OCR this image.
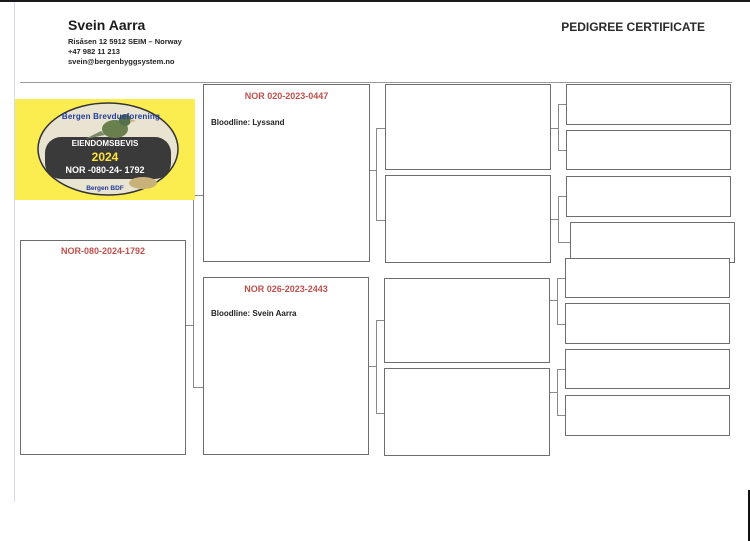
Svein Aarra
Risåsen 12 5912 SEIM – Norway
+47 982 11 213
svein@bergenbyggsystem.no
PEDIGREE CERTIFICATE
NOR-080-2024-1792
NOR 020-2023-0447
Bloodline: Lyssand
NOR 026-2023-2443
Bloodline: Svein Aarra
Bergen Brevdueforening
EIENDOMSBEVIS
2024
NOR -080-24- 1792
Bergen BDF
